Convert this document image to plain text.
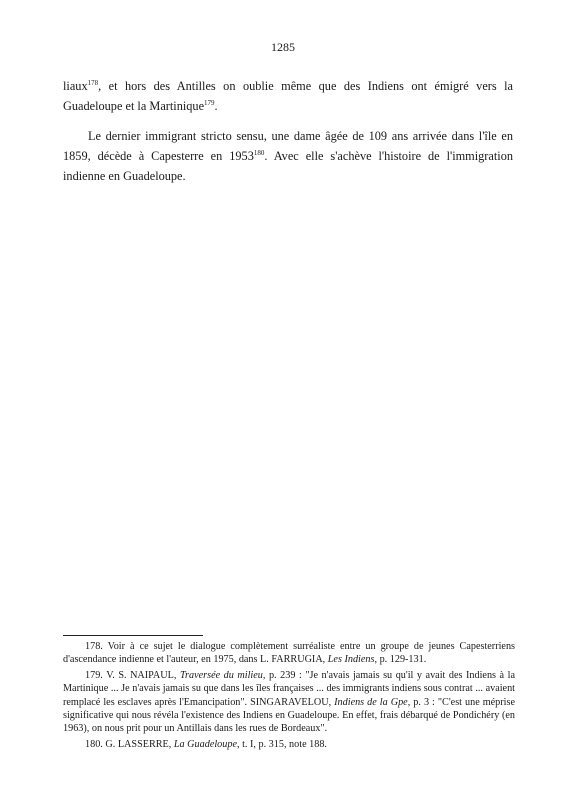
1285

liaux$^{178}$, et hors des Antilles on oublie même que des Indiens ont émigré vers la Guadeloupe et la Martinique$^{179}$.

Le dernier immigrant stricto sensu, une dame âgée de 109 ans arrivée dans l'île en 1859, décède à Capesterre en 1953$^{180}$. Avec elle s'achève l'histoire de l'immigration indienne en Guadeloupe.

178. Voir à ce sujet le dialogue complètement surréaliste entre un groupe de jeunes Capesterriens d'ascendance indienne et l'auteur, en 1975, dans L. FARRUGIA, Les Indiens, p. 129-131.

179. V. S. NAIPAUL, Traversée du milieu, p. 239 : "Je n'avais jamais su qu'il y avait des Indiens à la Martinique ... Je n'avais jamais su que dans les îles françaises ... des immigrants indiens sous contrat ... avaient remplacé les esclaves après l'Emancipation". SINGARAVELOU, Indiens de la Gpe, p. 3 : "C'est une méprise significative qui nous révéla l'existence des Indiens en Guadeloupe. En effet, frais débarqué de Pondichéry (en 1963), on nous prit pour un Antillais dans les rues de Bordeaux".

180. G. LASSERRE, La Guadeloupe, t. I, p. 315, note 188.
